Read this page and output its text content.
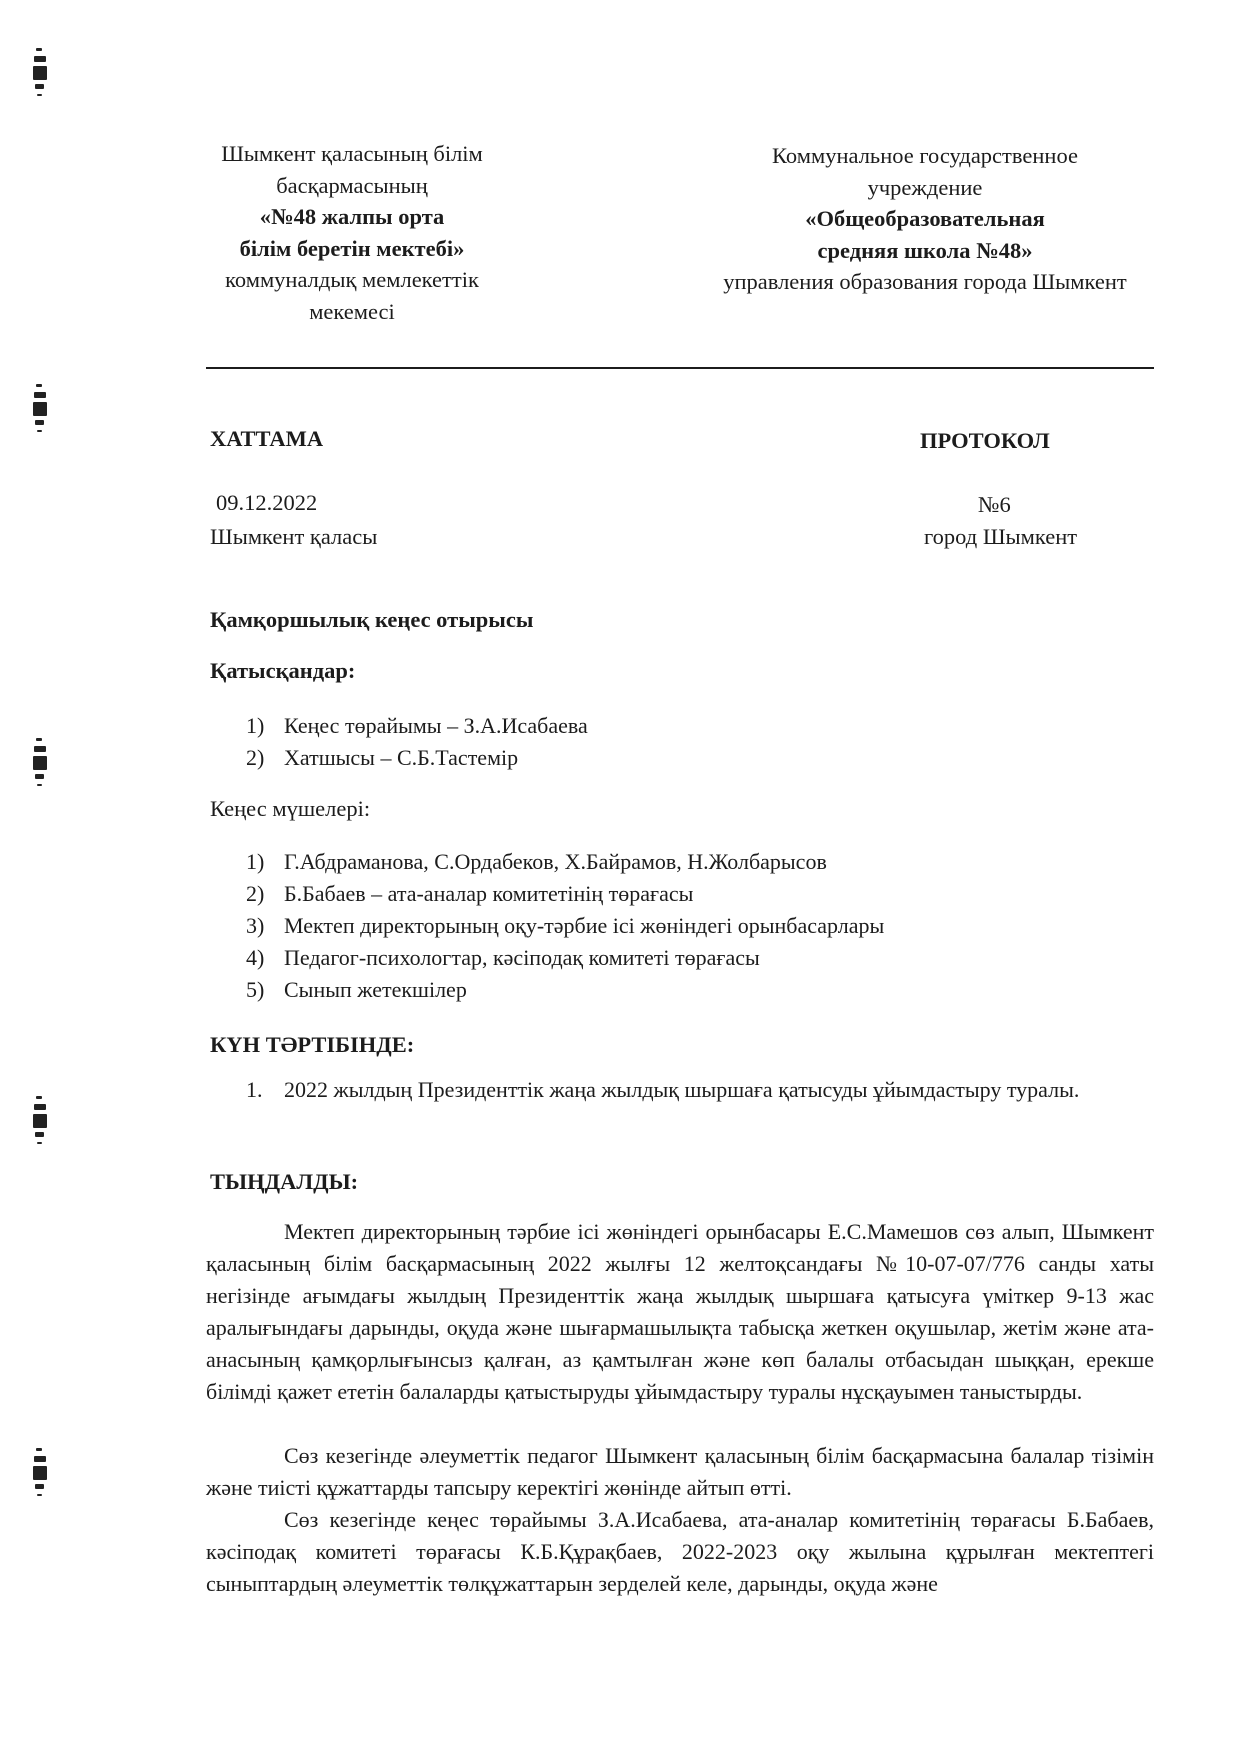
Шымкент қаласының білім
басқармасының
«№48 жалпы орта
білім беретін мектебі»
коммуналдық мемлекеттік
мекемесі
Коммунальное государственное
учреждение
«Общеобразовательная
средняя школа №48»
управления образования города Шымкент
ХАТТАМА	ПРОТОКОЛ
09.12.2022	№6
Шымкент қаласы	город Шымкент
Қамқоршылық кеңес отырысы
Қатысқандар:
1) Кеңес төрайымы – З.А.Исабаева
2) Хатшысы – С.Б.Тастемір
Кеңес мүшелері:
1) Г.Абдраманова, С.Ордабеков, Х.Байрамов, Н.Жолбарысов
2) Б.Бабаев – ата-аналар комитетінің төрағасы
3) Мектеп директорының оқу-тәрбие ісі жөніндегі орынбасарлары
4) Педагог-психологтар, кәсіподақ комитеті төрағасы
5) Сынып жетекшілер
КҮН ТӘРТІБІНДЕ:
1. 2022 жылдың Президенттік жаңа жылдық шыршаға қатысуды ұйымдастыру туралы.
ТЫҢДАЛДЫ:

Мектеп директорының тәрбие ісі жөніндегі орынбасары Е.С.Мамешов сөз алып, Шымкент қаласының білім басқармасының 2022 жылғы 12 желтоқсандағы №10-07-07/776 санды хаты негізінде ағымдағы жылдың Президенттік жаңа жылдық шыршаға қатысуға үміткер 9-13 жас аралығындағы дарынды, оқуда және шығармашылықта табысқа жеткен оқушылар, жетім және ата-анасының қамқорлығынсыз қалған, аз қамтылған және көп балалы отбасыдан шыққан, ерекше білімді қажет ететін балаларды қатыстыруды ұйымдастыру туралы нұсқауымен таныстырды.

Сөз кезегінде әлеуметтік педагог Шымкент қаласының білім басқармасына балалар тізімін және тиісті құжаттарды тапсыру керектігі жөнінде айтып өтті.

Сөз кезегінде кеңес төрайымы З.А.Исабаева, ата-аналар комитетінің төрағасы Б.Бабаев, кәсіподақ комитеті төрағасы К.Б.Құрақбаев, 2022-2023 оқу жылына құрылған мектептегі сыныптардың әлеуметтік төлқұжаттарын зерделей келе, дарынды, оқуда және
